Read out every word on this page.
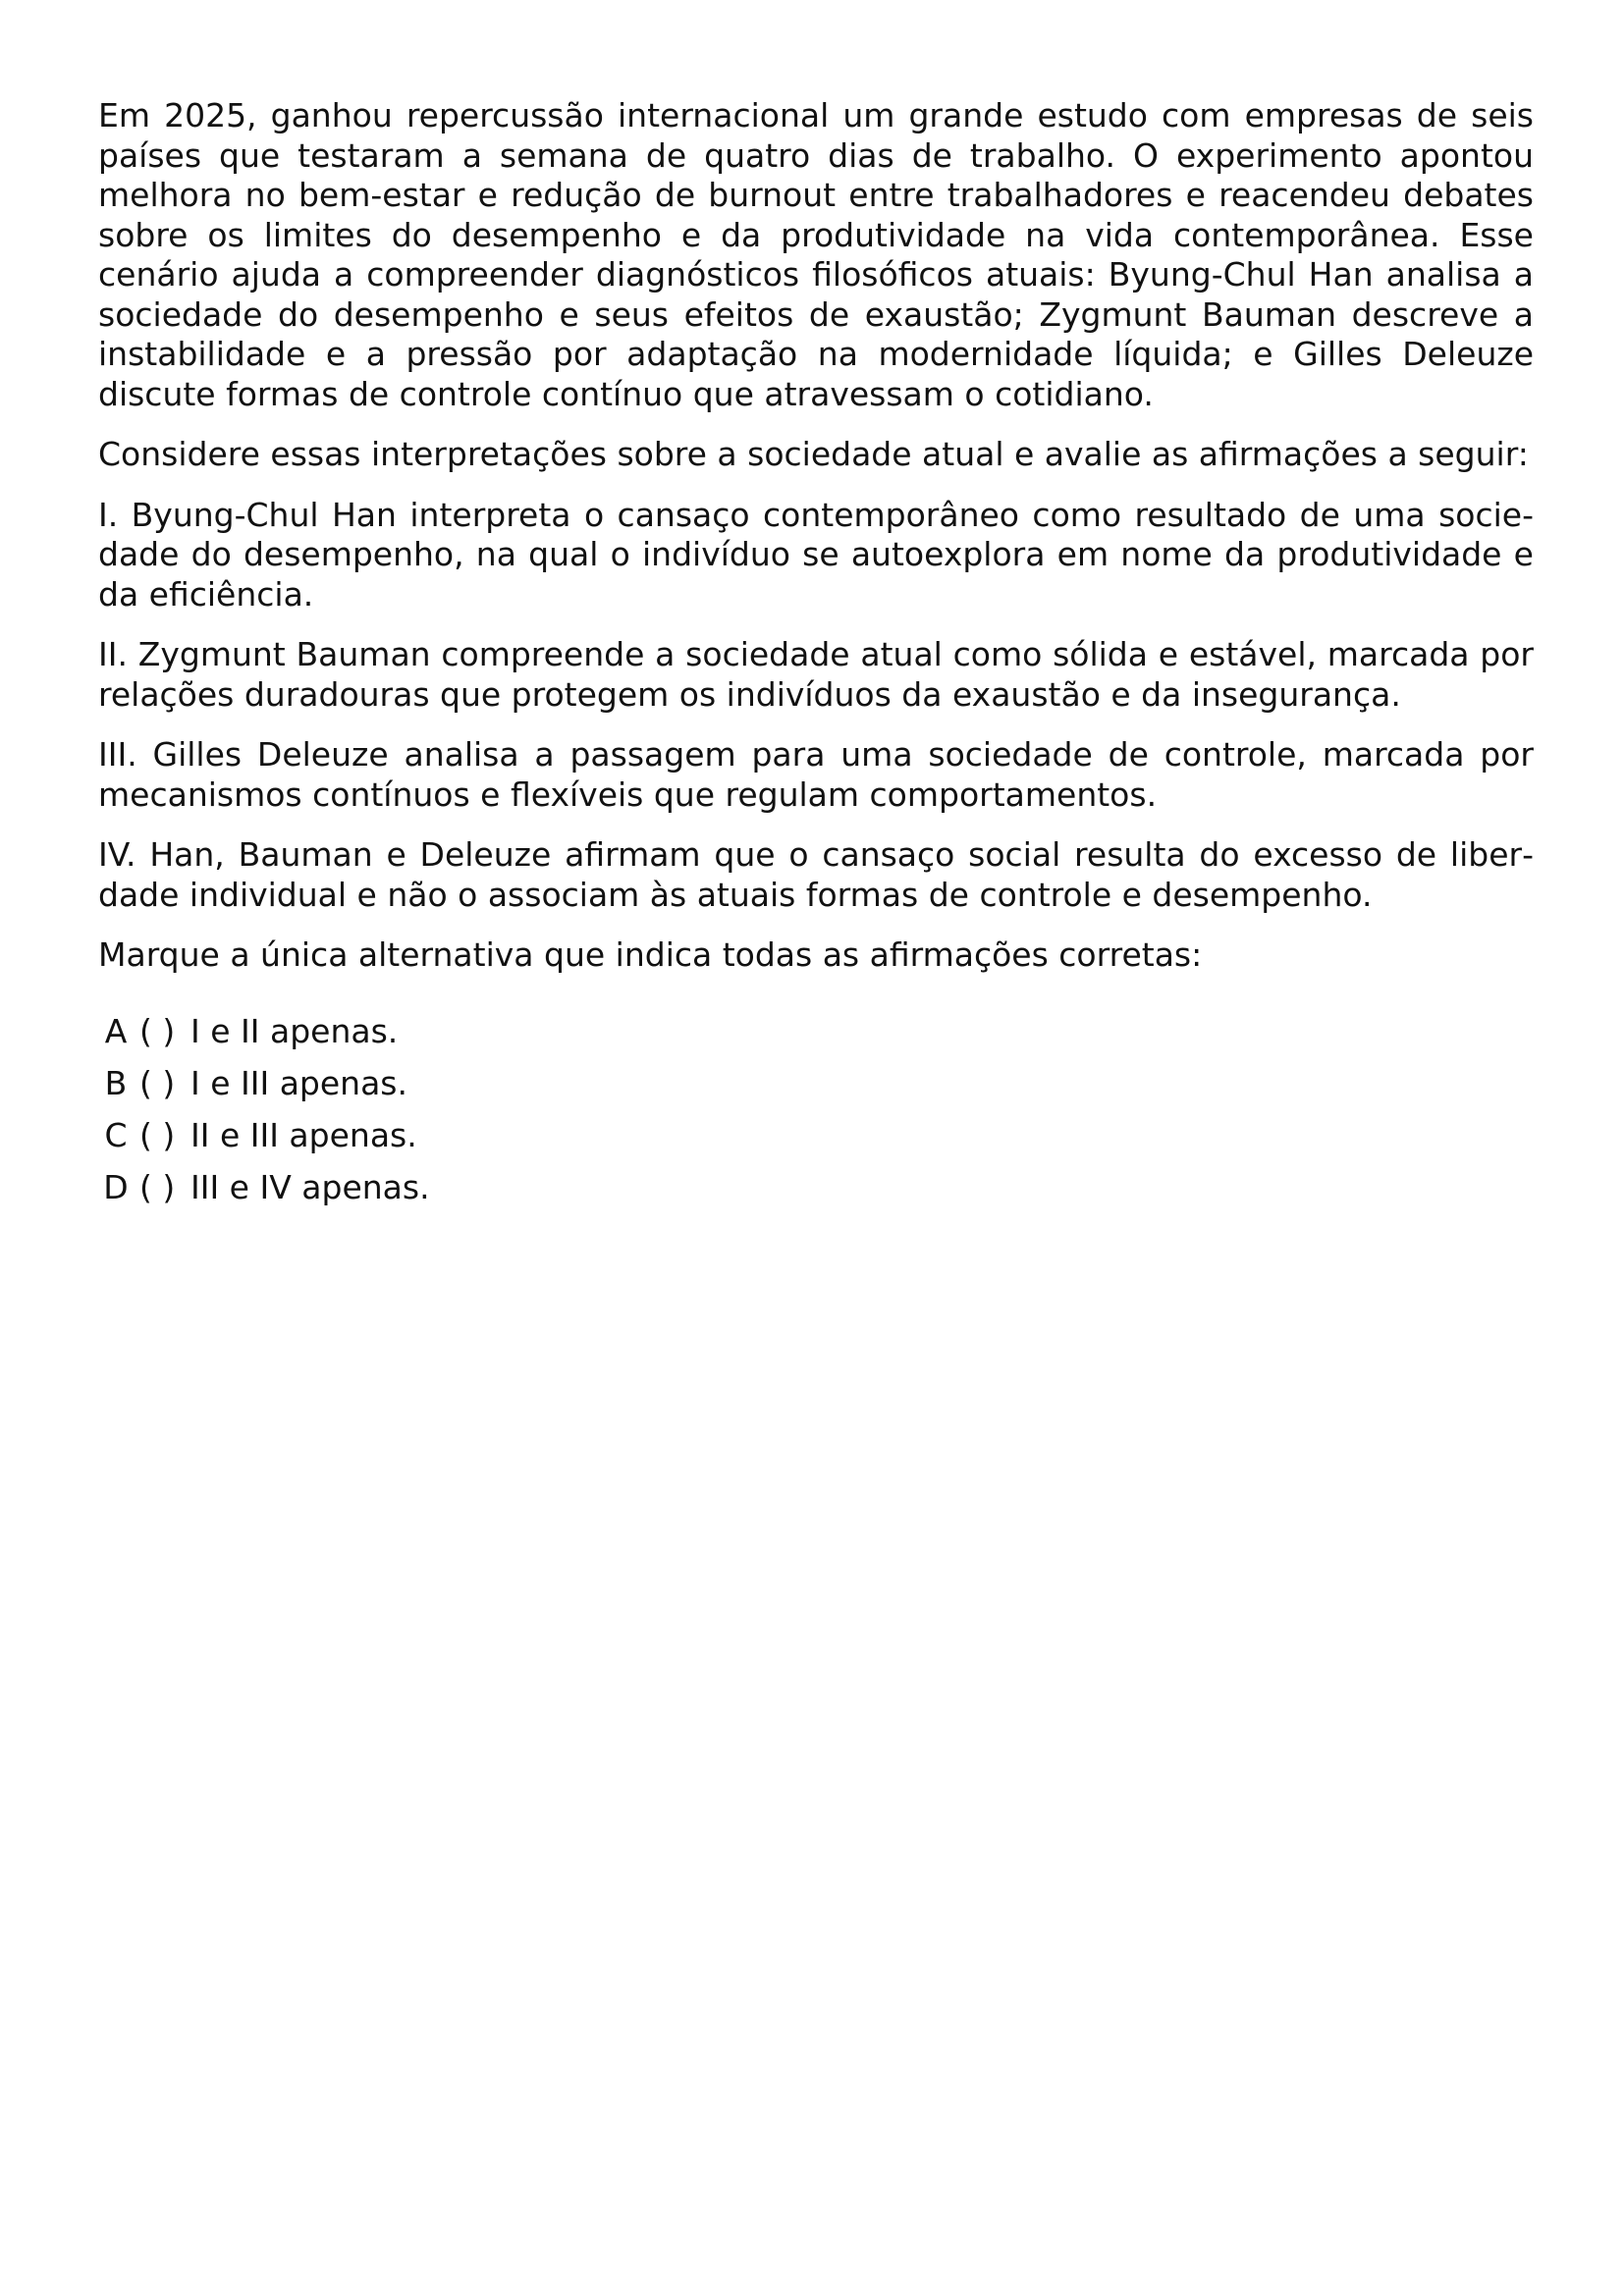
Em 2025, ganhou repercussão internacional um grande estudo com empresas de seis países que testaram a semana de quatro dias de trabalho. O experimento apontou melhora no bem-estar e redução de burnout entre trabalhadores e reacendeu debates sobre os limites do desempenho e da produtividade na vida contemporânea. Esse cenário ajuda a compreender diagnósticos filosóficos atuais: Byung-Chul Han analisa a sociedade do desempenho e seus efeitos de exaustão; Zygmunt Bauman descreve a instabilidade e a pressão por adaptação na modernidade líquida; e Gilles Deleuze discute formas de controle contínuo que atravessam o cotidiano.

Considere essas interpretações sobre a sociedade atual e avalie as afirmações a seguir:

I. Byung-Chul Han interpreta o cansaço contemporâneo como resultado de uma sociedade do desempenho, na qual o indivíduo se autoexplora em nome da produtividade e da eficiência.

II. Zygmunt Bauman compreende a sociedade atual como sólida e estável, marcada por relações duradouras que protegem os indivíduos da exaustão e da insegurança.

III. Gilles Deleuze analisa a passagem para uma sociedade de controle, marcada por mecanismos contínuos e flexíveis que regulam comportamentos.

IV. Han, Bauman e Deleuze afirmam que o cansaço social resulta do excesso de liberdade individual e não o associam às atuais formas de controle e desempenho.

Marque a única alternativa que indica todas as afirmações corretas:

A ( ) I e II apenas.
B ( ) I e III apenas.
C ( ) II e III apenas.
D ( ) III e IV apenas.
